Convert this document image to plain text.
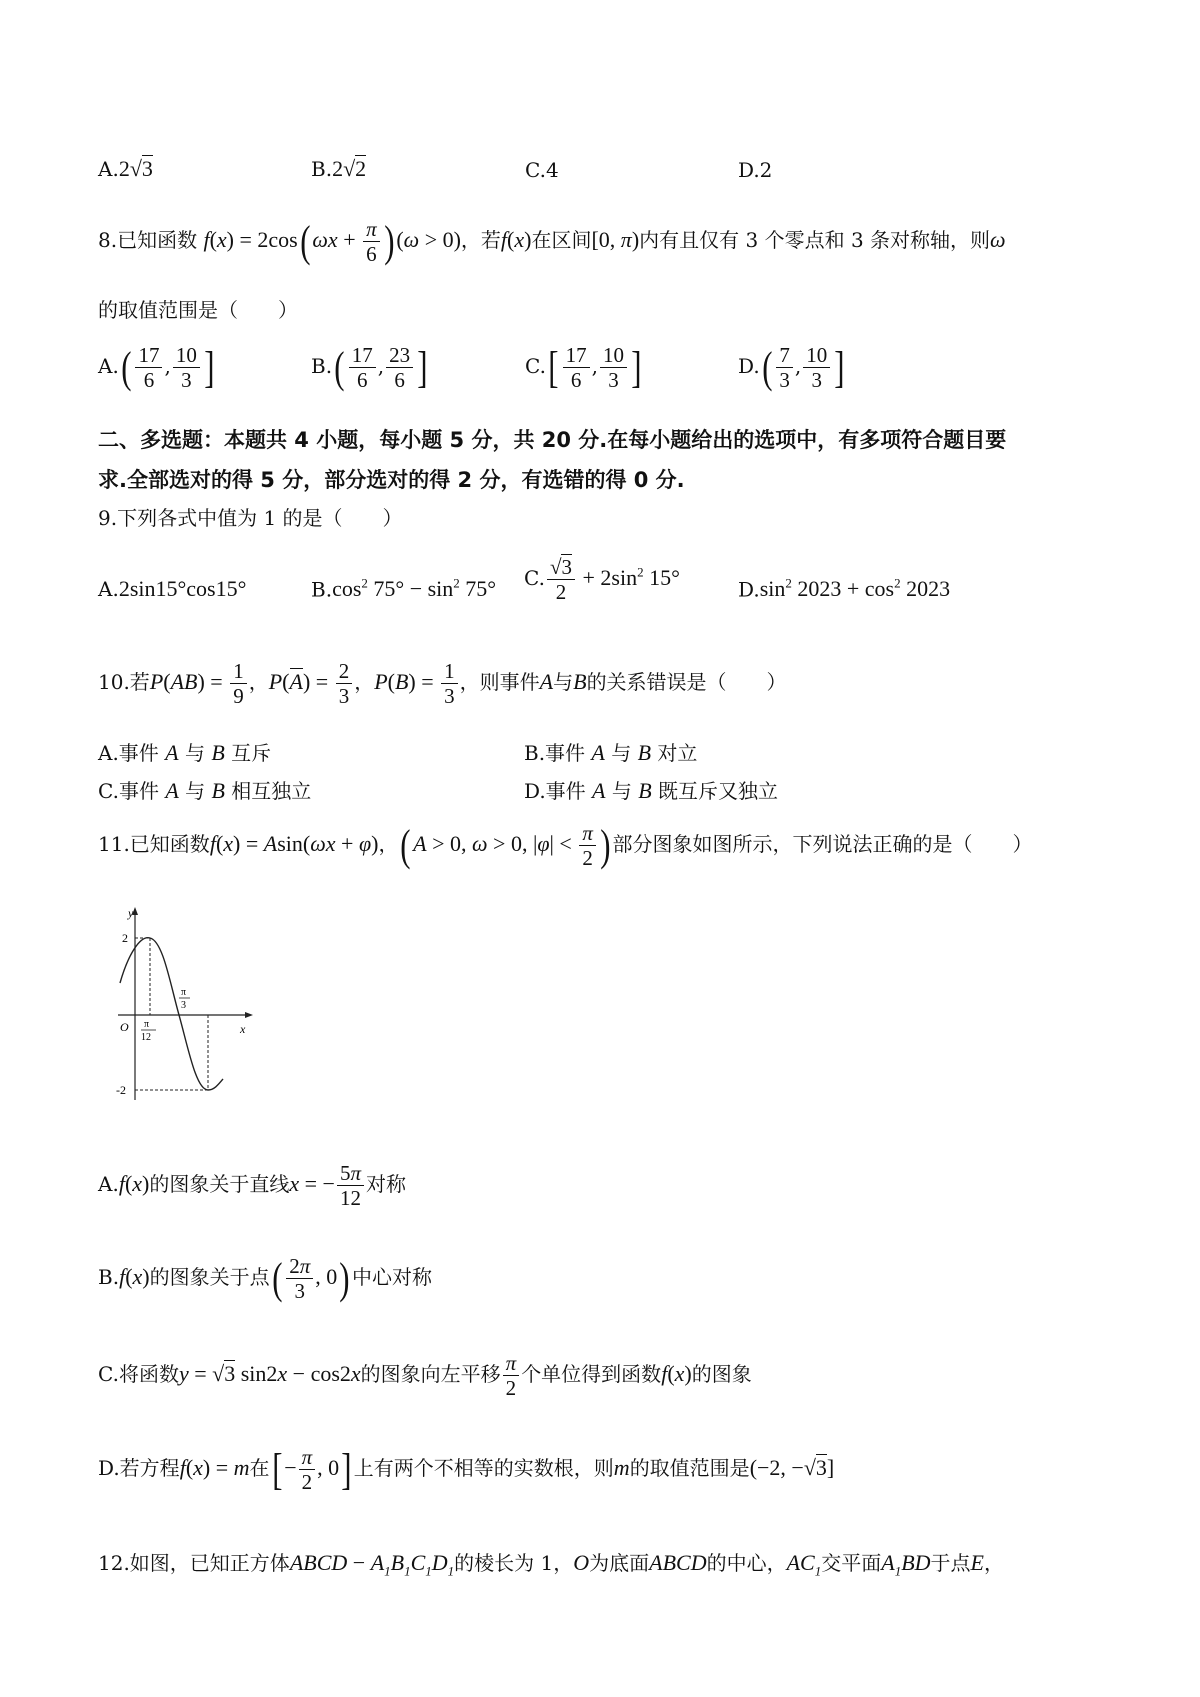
A.2√3	B.2√2	C.4	D.2
8.已知函数 $f(x) = 2\cos(\omega x + \frac{\pi}{6} )(\omega > 0)$，若f(x)在区间[0, π)内有且仅有 3 个零点和 3 条对称轴，则ω
的取值范围是（　　）
$A.( \frac{17}{6}$ , $\frac{10}{3}$ ]	$B.( \frac{17}{6}$ , $\frac{23}{6}$ ]	$C.[ \frac{17}{6}$ , $\frac{10}{3}$ ]	$D.( \frac{7}{3}$ , $\frac{10}{3}$ ]
二、多选题：本题共 4 小题，每小题 5 分，共 20 分.在每小题给出的选项中，有多项符合题目要
求.全部选对的得 5 分，部分选对的得 2 分，有选错的得 0 分.
9.下列各式中值为 1 的是（　　）
A.2sin15°cos15°	$B.\cos^2$ $75^\circ - \sin^2 75^\circ$ C. $\frac{√3}{2} + 2\sin^2$ 15°	$D.\sin^2$ $2023 + \cos^2 2023$
10.若$P(AB) = \frac{1}{9}$ ，$P(A) = \frac{2}{3}$ ，$P(B) = \frac{1}{3}$ ，则事件A与B的关系错误是（　　）
A.事件 A 与 B 互斥	B.事件 A 与 B 对立
C.事件 A 与 B 相互独立	D.事件 A 与 B 既互斥又独立
11.已知函数f(x) = Asin(ωx + φ)，(A > 0, ω > 0, $|\varphi| < \frac{\pi}{2}$ ) 部分图象如图所示，下列说法正确的是（　　）
y
x
O
2
-2
π
12
π
3
A.f(x)的图象关于直线x = − $\frac{5\pi}{12}$ 对称
B.f(x)的图象关于点( $\frac{2\pi}{3}$ , 0) 中心对称
C.将函数y = √3 sin2x − cos2x的图象向左平移 $\frac{\pi}{2}$ 个单位得到函数f(x)的图象
D.若方程f(x) = m在[− $\frac{\pi}{2}$ , 0] 上有两个不相等的实数根，则m的取值范围是(−2, −√3]
12.如图，已知正方体ABCD − $A_1B_1C_1D_1$的棱长为 1，O为底面ABCD的中心，$AC_1$交平面$A_1BD$于点E，
